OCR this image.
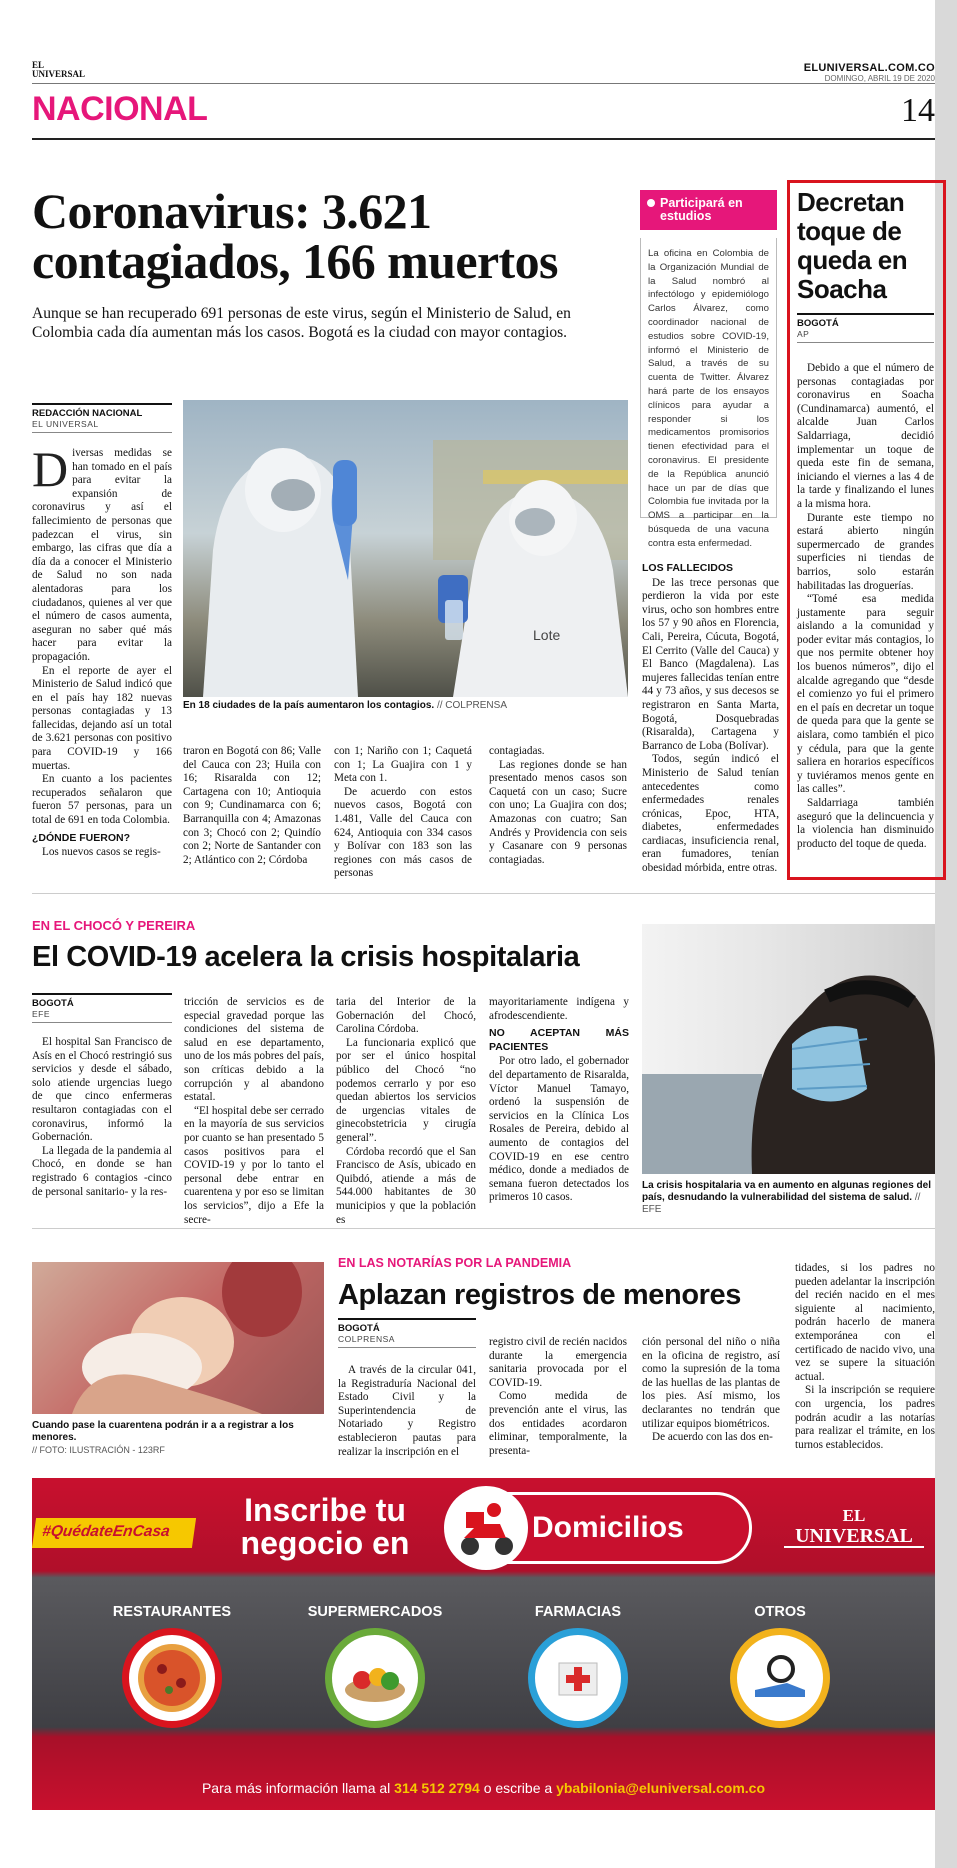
EL
UNIVERSAL	ELUNIVERSAL.COM.CO
DOMINGO, ABRIL 19 DE 2020
NACIONAL	14
Coronavirus: 3.621 contagiados, 166 muertos

Aunque se han recuperado 691 personas de este virus, según el Ministerio de Salud, en Colombia cada día aumentan más los casos. Bogotá es la ciudad con mayor contagios.

REDACCIÓN NACIONAL
EL UNIVERSAL

Diversas medidas se han tomado en el país para evitar la expansión de coronavirus y así el fallecimiento de personas que padezcan el virus, sin embargo, las cifras que día a día da a conocer el Ministerio de Salud no son nada alentadoras para los ciudadanos, quienes al ver que el número de casos aumenta, aseguran no saber qué más hacer para evitar la propagación.

En el reporte de ayer el Ministerio de Salud indicó que en el país hay 182 nuevas personas contagiadas y 13 fallecidas, dejando así un total de 3.621 personas con positivo para COVID-19 y 166 muertas.

En cuanto a los pacientes recuperados señalaron que fueron 57 personas, para un total de 691 en toda Colombia.

¿DÓNDE FUERON?

Los nuevos casos se regis-

Lote
En 18 ciudades de la país aumentaron los contagios. // COLPRENSA

traron en Bogotá con 86; Valle del Cauca con 23; Huila con 16; Risaralda con 12; Cartagena con 10; Antioquia con 9; Cundinamarca con 6; Barranquilla con 4; Amazonas con 3; Chocó con 2; Quindío con 2; Norte de Santander con 2; Atlántico con 2; Córdoba

con 1; Nariño con 1; Caquetá con 1; La Guajira con 1 y Meta con 1.

De acuerdo con estos nuevos casos, Bogotá con 1.481, Valle del Cauca con 624, Antioquia con 334 casos y Bolívar con 183 son las regiones con más casos de personas

contagiadas.

Las regiones donde se han presentado menos casos son Caquetá con un caso; Sucre con uno; La Guajira con dos; Amazonas con cuatro; San Andrés y Providencia con seis y Casanare con 9 personas contagiadas.

Participará en estudios
La oficina en Colombia de la Organización Mundial de la Salud nombró al infectólogo y epidemiólogo Carlos Álvarez, como coordinador nacional de estudios sobre COVID-19, informó el Ministerio de Salud, a través de su cuenta de Twitter. Álvarez hará parte de los ensayos clínicos para ayudar a responder si los medicamentos promisorios tienen efectividad para el coronavirus. El presidente de la República anunció hace un par de días que Colombia fue invitada por la OMS a participar en la búsqueda de una vacuna contra esta enfermedad.
LOS FALLECIDOS

De las trece personas que perdieron la vida por este virus, ocho son hombres entre los 57 y 90 años en Florencia, Cali, Pereira, Cúcuta, Bogotá, El Cerrito (Valle del Cauca) y El Banco (Magdalena). Las mujeres fallecidas tenían entre 44 y 73 años, y sus decesos se registraron en Santa Marta, Bogotá, Dosquebradas (Risaralda), Cartagena y Barranco de Loba (Bolívar).

Todos, según indicó el Ministerio de Salud tenían antecedentes como enfermedades renales crónicas, Epoc, HTA, diabetes, enfermedades cardiacas, insuficiencia renal, eran fumadores, tenían obesidad mórbida, entre otras.

Decretan toque de queda en Soacha
BOGOTÁ
AP

Debido a que el número de personas contagiadas por coronavirus en Soacha (Cundinamarca) aumentó, el alcalde Juan Carlos Saldarriaga, decidió implementar un toque de queda este fin de semana, iniciando el viernes a las 4 de la tarde y finalizando el lunes a la misma hora.

Durante este tiempo no estará abierto ningún supermercado de grandes superficies ni tiendas de barrios, solo estarán habilitadas las droguerías.

“Tomé esa medida justamente para seguir aislando a la comunidad y poder evitar más contagios, lo que nos permite obtener hoy los buenos números”, dijo el alcalde agregando que “desde el comienzo yo fui el primero en el país en decretar un toque de queda para que la gente se aislara, como también el pico y cédula, para que la gente saliera en horarios específicos y tuviéramos menos gente en las calles”.

Saldarriaga también aseguró que la delincuencia y la violencia han disminuido producto del toque de queda.

EN EL CHOCÓ Y PEREIRA
El COVID-19 acelera la crisis hospitalaria
BOGOTÁ
EFE

El hospital San Francisco de Asís en el Chocó restringió sus servicios y desde el sábado, solo atiende urgencias luego de que cinco enfermeras resultaron contagiadas con el coronavirus, informó la Gobernación.

La llegada de la pandemia al Chocó, en donde se han registrado 6 contagios -cinco de personal sanitario- y la res-

tricción de servicios es de especial gravedad porque las condiciones del sistema de salud en ese departamento, uno de los más pobres del país, son críticas debido a la corrupción y al abandono estatal.

“El hospital debe ser cerrado en la mayoría de sus servicios por cuanto se han presentado 5 casos positivos para el COVID-19 y por lo tanto el personal debe entrar en cuarentena y por eso se limitan los servicios”, dijo a Efe la secre-

taria del Interior de la Gobernación del Chocó, Carolina Córdoba.

La funcionaria explicó que por ser el único hospital público del Chocó “no podemos cerrarlo y por eso quedan abiertos los servicios de urgencias vitales de ginecobstetricia y cirugía general”.

Córdoba recordó que el San Francisco de Asís, ubicado en Quibdó, atiende a más de 544.000 habitantes de 30 municipios y que la población es

mayoritariamente indígena y afrodescendiente.

NO ACEPTAN MÁS PACIENTES

Por otro lado, el gobernador del departamento de Risaralda, Víctor Manuel Tamayo, ordenó la suspensión de servicios en la Clínica Los Rosales de Pereira, debido al aumento de contagios del COVID-19 en ese centro médico, donde a mediados de semana fueron detectados los primeros 10 casos.

La crisis hospitalaria va en aumento en algunas regiones del país, desnudando la vulnerabilidad del sistema de salud. // EFE
Cuando pase la cuarentena podrán ir a a registrar a los menores.
// FOTO: ILUSTRACIÓN - 123RF
EN LAS NOTARÍAS POR LA PANDEMIA
Aplazan registros de menores
BOGOTÁ
COLPRENSA

A través de la circular 041, la Registraduría Nacional del Estado Civil y la Superintendencia de Notariado y Registro establecieron pautas para realizar la inscripción en el

registro civil de recién nacidos durante la emergencia sanitaria provocada por el COVID-19.

Como medida de prevención ante el virus, las dos entidades acordaron eliminar, temporalmente, la presenta-

ción personal del niño o niña en la oficina de registro, así como la supresión de la toma de las huellas de las plantas de los pies. Así mismo, los declarantes no tendrán que utilizar equipos biométricos.

De acuerdo con las dos en-

tidades, si los padres no pueden adelantar la inscripción del recién nacido en el mes siguiente al nacimiento, podrán hacerlo de manera extemporánea con el certificado de nacido vivo, una vez se supere la situación actual.

Si la inscripción se requiere con urgencia, los padres podrán acudir a las notarías para realizar el trámite, en los turnos establecidos.

#QuédateEnCasa
Inscribe tu
negocio en	Domicilios	EL
UNIVERSAL
RESTAURANTES	SUPERMERCADOS	FARMACIAS	OTROS
Para más información llama al 314 512 2794 o escribe a ybabilonia@eluniversal.com.co
